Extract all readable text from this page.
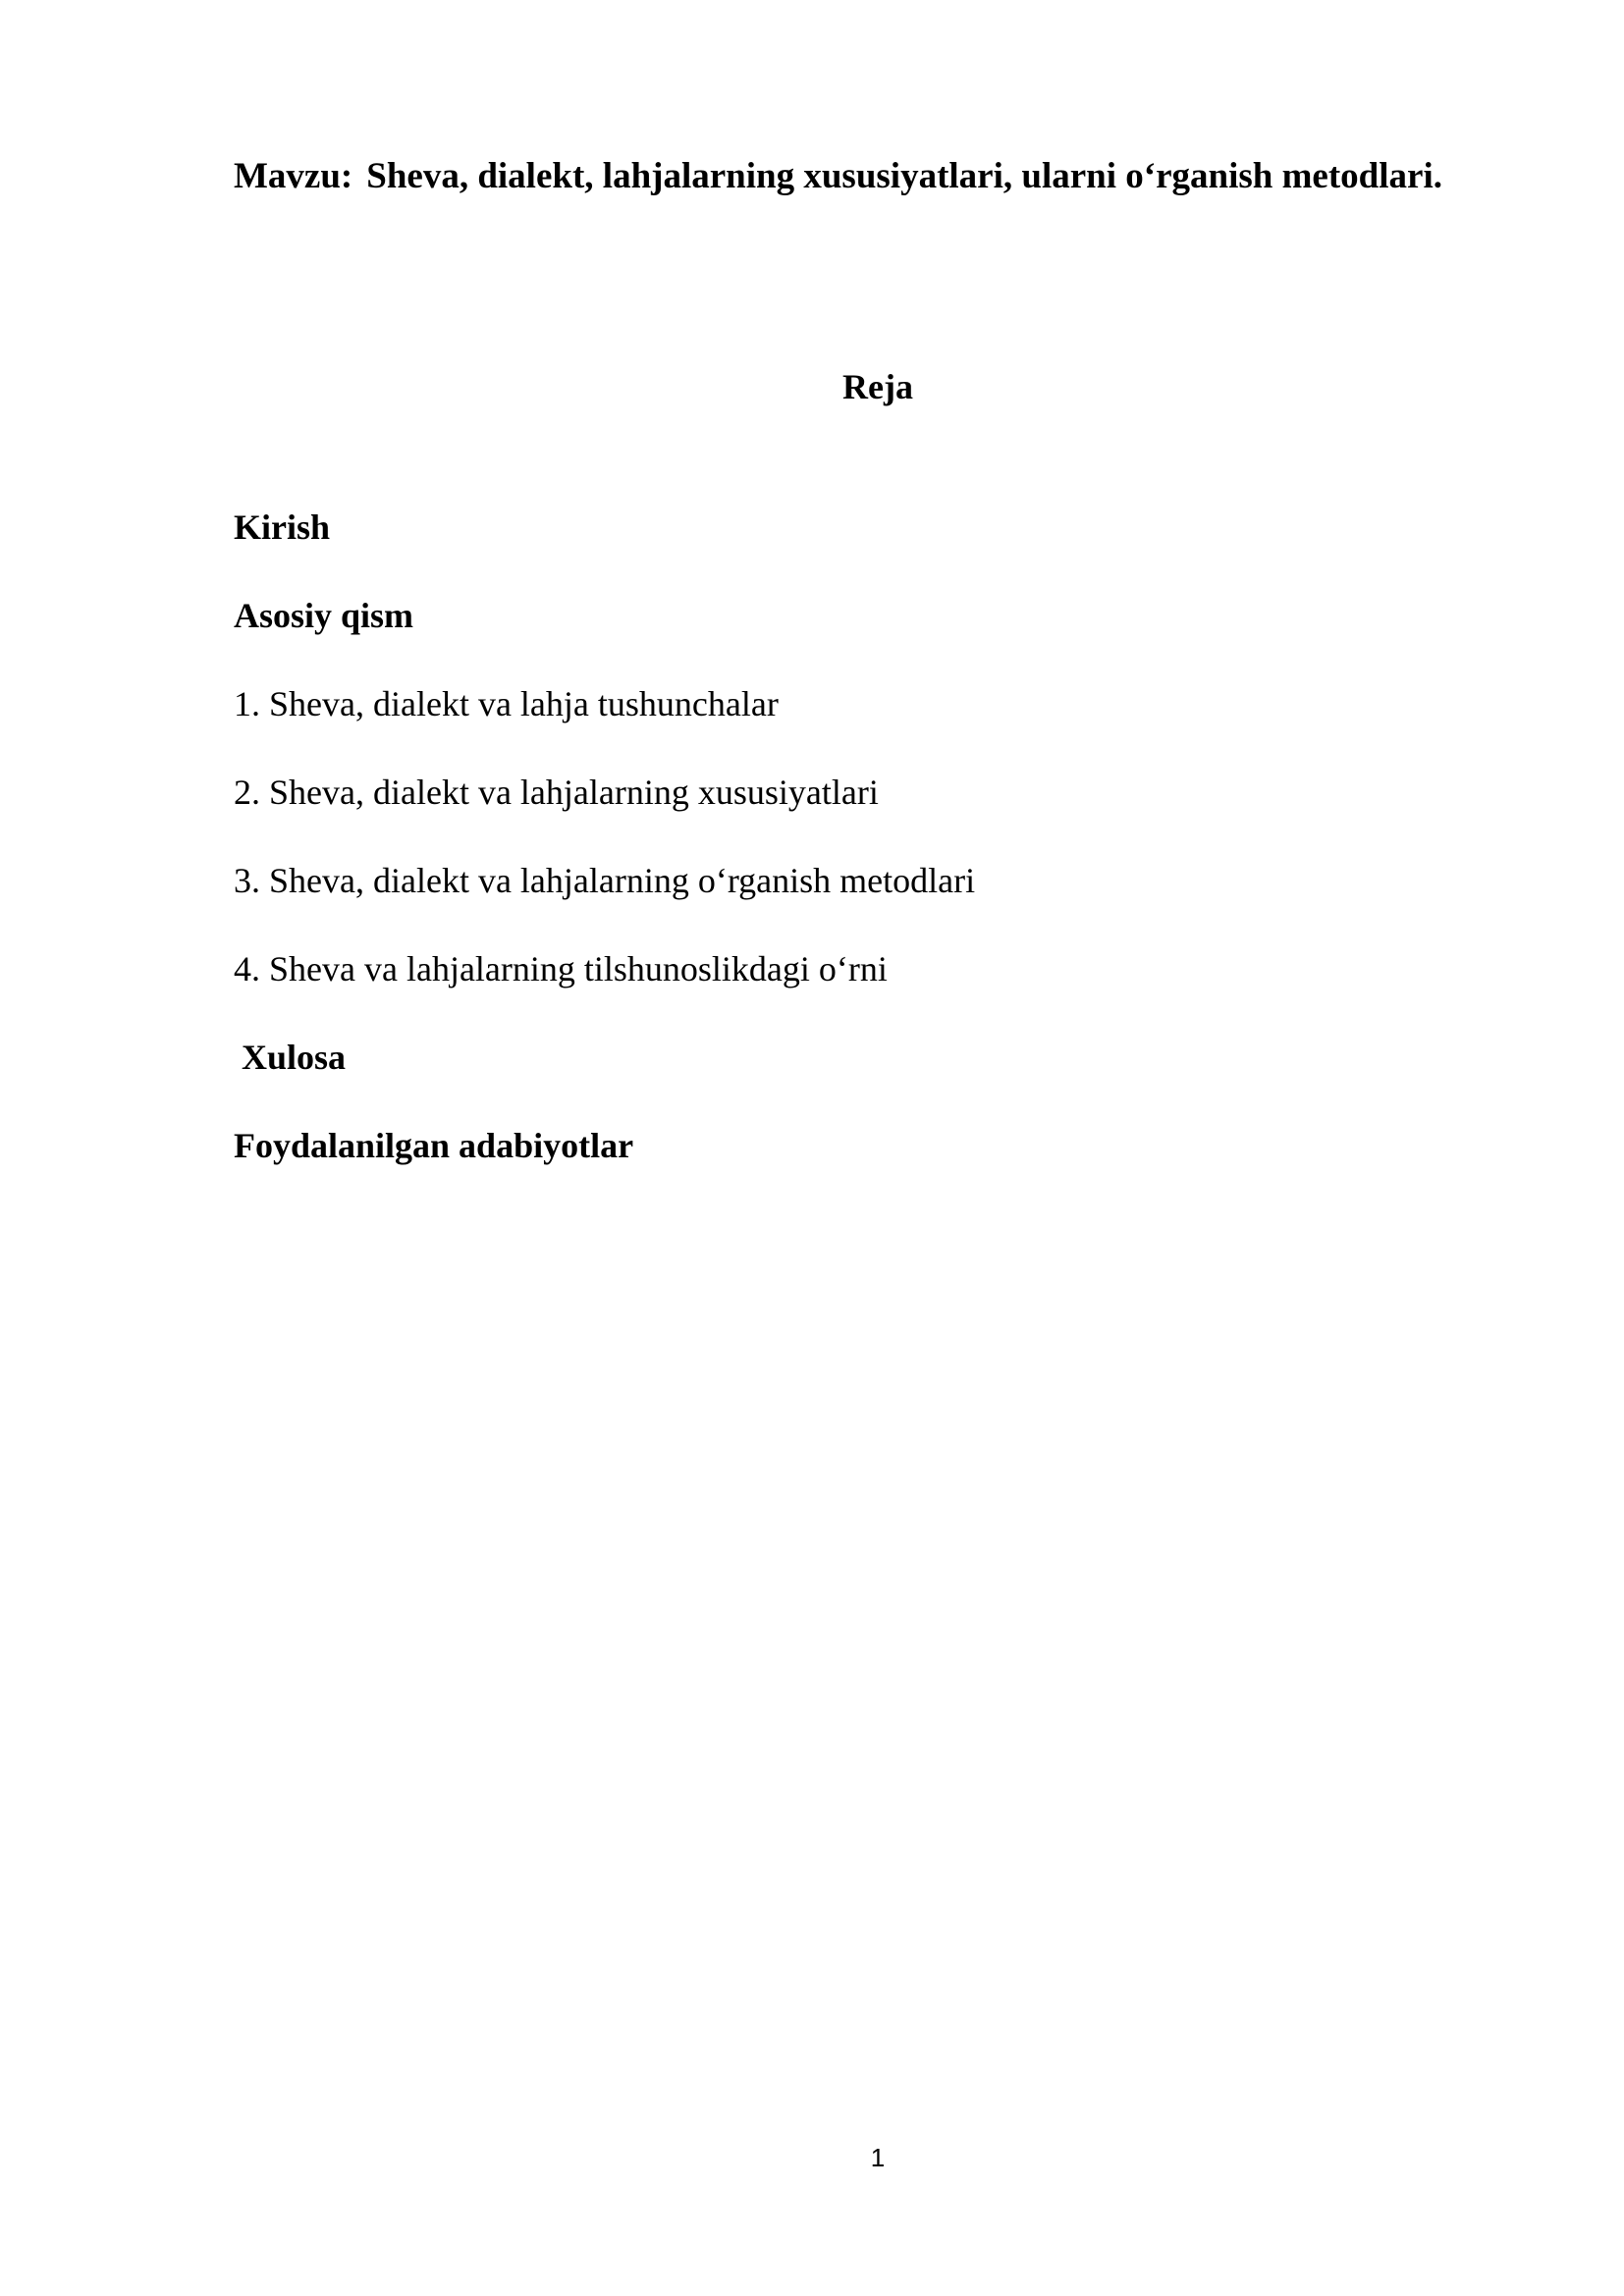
Mavzu: Sheva, dialekt, lahjalarning xususiyatlari, ularni o‘rganish metodlari.
Reja
Kirish
Asosiy qism
1. Sheva, dialekt va lahja tushunchalar
2. Sheva, dialekt va lahjalarning xususiyatlari
3. Sheva, dialekt va lahjalarning o‘rganish metodlari
4. Sheva va lahjalarning tilshunoslikdagi o‘rni
Xulosa
Foydalanilgan adabiyotlar
1
